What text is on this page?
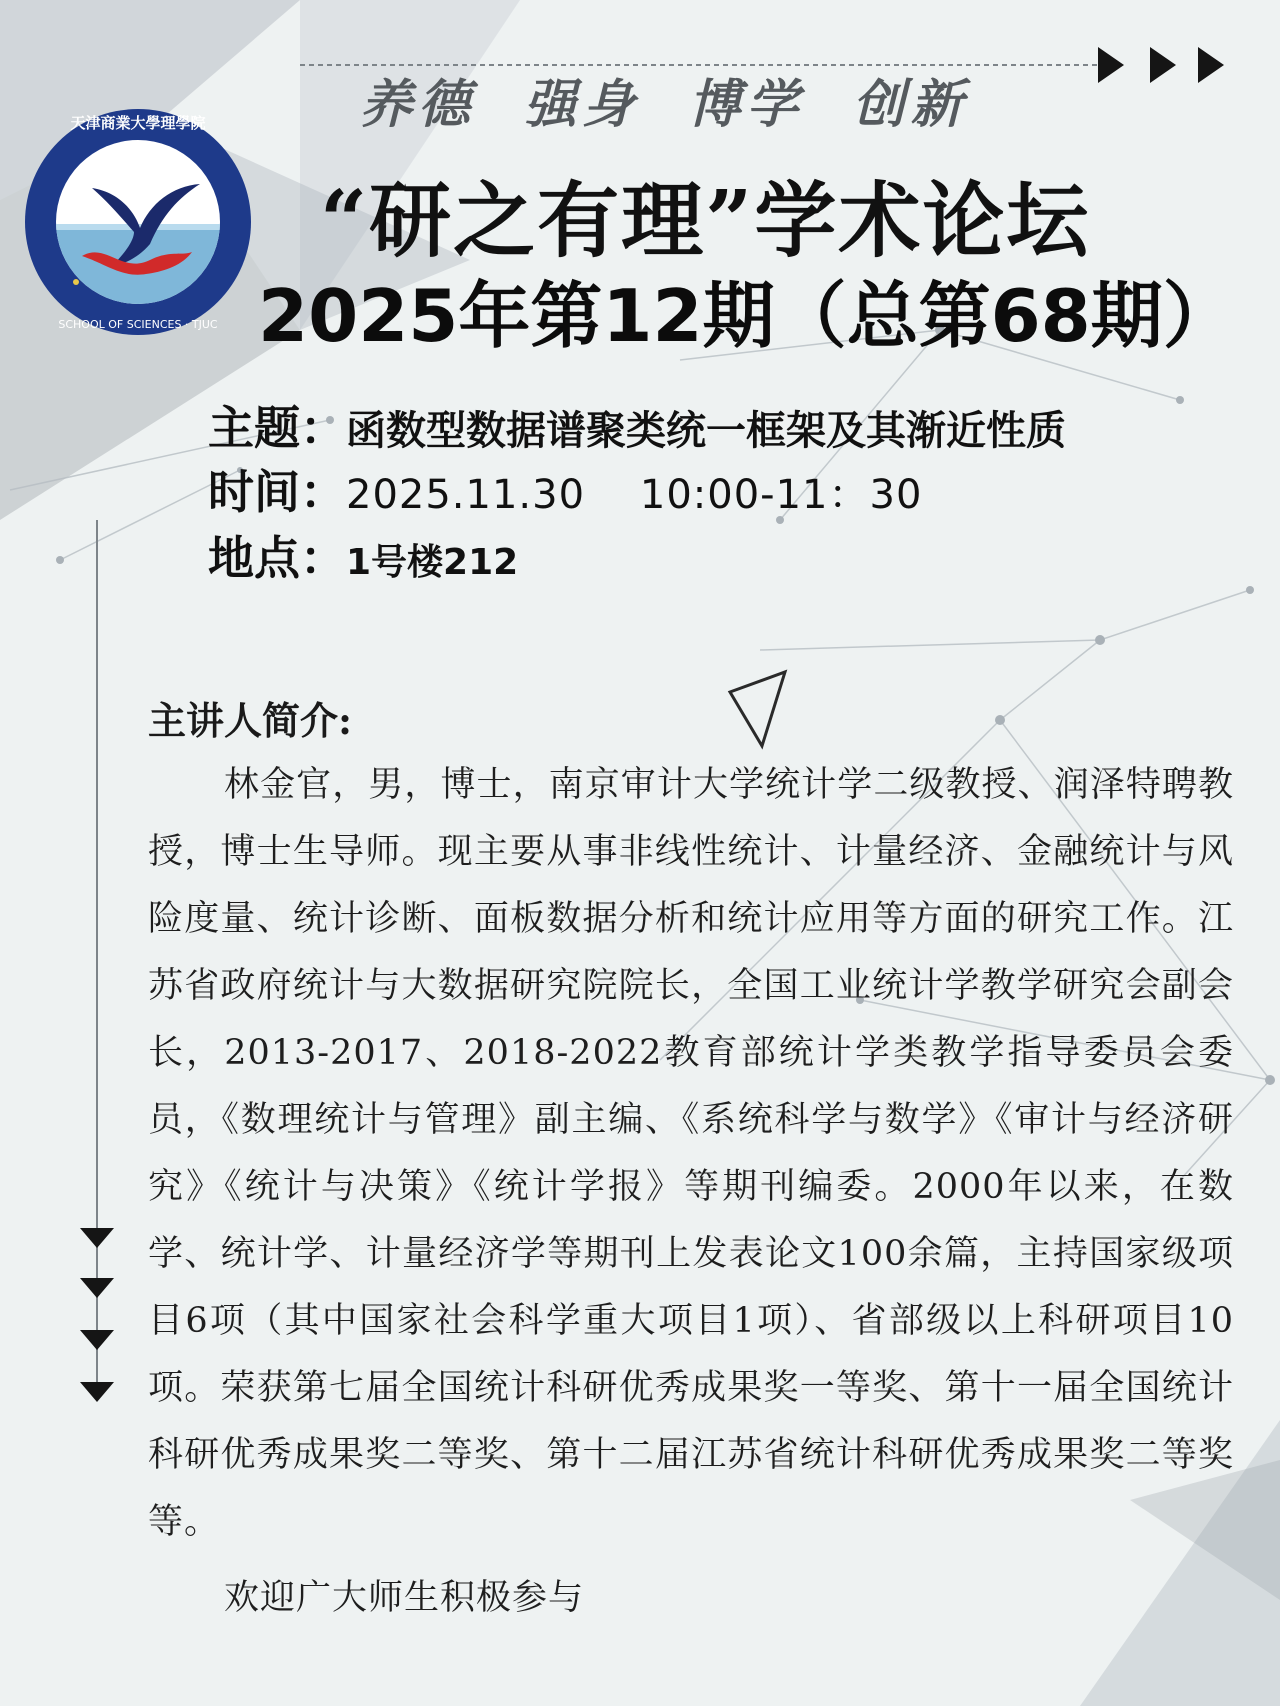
天津商業大學理學院
SCHOOL OF SCIENCES · TJUC
养德  强身  博学  创新
“研之有理”学术论坛
2025年第12期（总第68期）
主题：函数型数据谱聚类统一框架及其渐近性质
时间：2025.11.30    10:00-11：30
地点：1号楼212
主讲人简介:
林金官，男，博士，南京审计大学统计学二级教授、润泽特聘教授，博士生导师。现主要从事非线性统计、计量经济、金融统计与风险度量、统计诊断、面板数据分析和统计应用等方面的研究工作。江苏省政府统计与大数据研究院院长，全国工业统计学教学研究会副会长，2013-2017、2018-2022教育部统计学类教学指导委员会委员，《数理统计与管理》副主编、《系统科学与数学》《审计与经济研究》《统计与决策》《统计学报》等期刊编委。2000年以来，在数学、统计学、计量经济学等期刊上发表论文100余篇，主持国家级项目6项（其中国家社会科学重大项目1项）、省部级以上科研项目10项。荣获第七届全国统计科研优秀成果奖一等奖、第十一届全国统计科研优秀成果奖二等奖、第十二届江苏省统计科研优秀成果奖二等奖等。
欢迎广大师生积极参与
